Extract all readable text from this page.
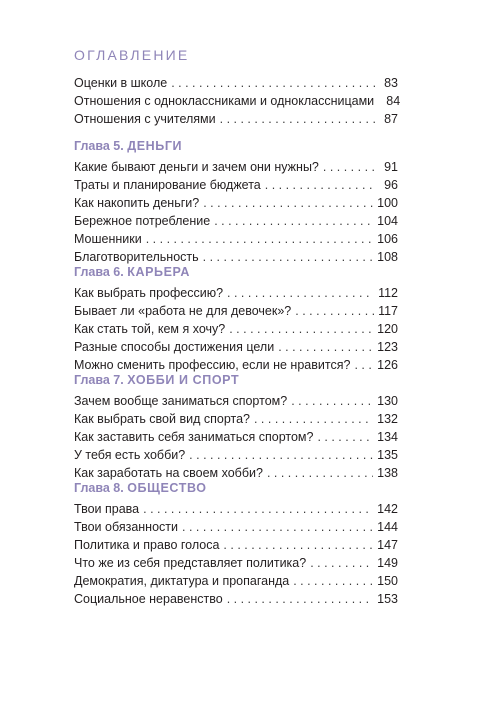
ОГЛАВЛЕНИЕ
Оценки в школе . . .	83
Отношения с одноклассниками и одноклассницами 84
Отношения с учителями . . .	87
Глава 5. ДЕНЬГИ
Какие бывают деньги и зачем они нужны? . . .	91
Траты и планирование бюджета . . .	96
Как накопить деньги? . . .	100
Бережное потребление . . .	104
Мошенники . . .	106
Благотворительность . . .	108
Глава 6. КАРЬЕРА
Как выбрать профессию? . . .	112
Бывает ли «работа не для девочек»? . . .	117
Как стать той, кем я хочу? . . .	120
Разные способы достижения цели . . .	123
Можно сменить профессию, если не нравится? . . . 126
Глава 7. ХОББИ И СПОРТ
Зачем вообще заниматься спортом? . . .	130
Как выбрать свой вид спорта? . . .	132
Как заставить себя заниматься спортом? . . .	134
У тебя есть хобби? . . .	135
Как заработать на своем хобби? . . .	138
Глава 8. ОБЩЕСТВО
Твои права . . .	142
Твои обязанности . . .	144
Политика и право голоса . . .	147
Что же из себя представляет политика? . . .	149
Демократия, диктатура и пропаганда . . .	150
Социальное неравенство . . .	153
